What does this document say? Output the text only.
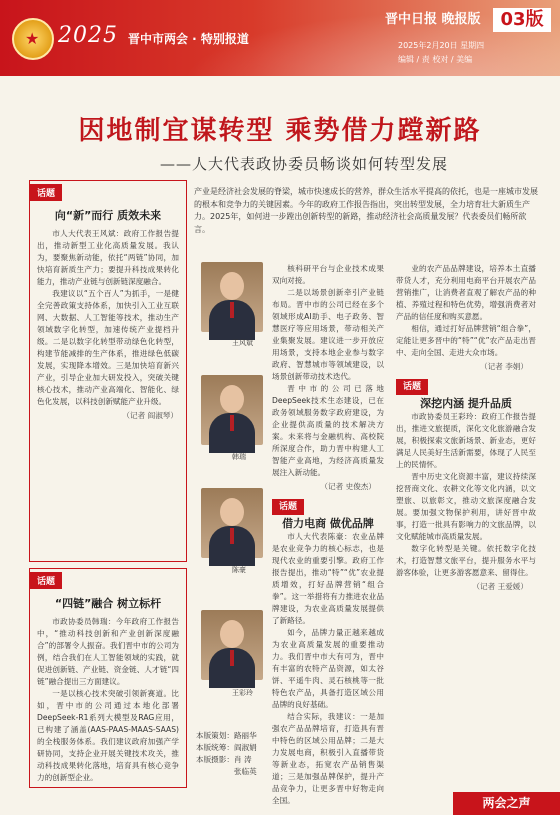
★ 2025 晋中市两会 · 特别报道
晋中日报 晚报版	03版
2025年2月20日 星期四
编辑 / 责 校对 / 美编
因地制宜谋转型 乘势借力蹚新路
——人大代表政协委员畅谈如何转型发展
产业是经济社会发展的脊梁，城市快速成长的营养，群众生活水平提高的依托，也是一座城市发展的根本和竞争力的关键因素。今年的政府工作报告指出，突出转型发展，全力培育壮大新质生产力。2025年，如何进一步蹚出创新转型的新路，推动经济社会高质量发展？代表委员们畅所欲言。
话题
向“新”而行 质效未来

市人大代表王风斌：政府工作报告提出，推动新型工业化高质量发展。我认为，要聚焦新动能，依托“两链”协同，加快培育新质生产力；要提升科技成果转化能力，推动产业链与创新链深度融合。

我建议以“五个百人”为抓手，一是健全完善政策支持体系，加快引入工业互联网、大数据、人工智能等技术，推动生产领域数字化转型，加速传统产业提档升级。二是以数字化转型带动绿色化转型，构建节能减排的生产体系，推进绿色低碳发展，实现降本增效。三是加快培育新兴产业，引导企业加大研发投入，突破关键核心技术，推动产业高端化、智能化、绿色化发展，以科技创新赋能产业升级。

（记者 阎淑琴）
话题
“四链”融合 树立标杆

市政协委员韩瑞：今年政府工作报告中，“推动科技创新和产业创新深度融合”的部署令人振奋。我们晋中市的公司为例，结合我们在人工智能领域的实践，就促进创新链、产业链、资金链、人才链“四链”融合提出三方面建议。

一是以核心技术突破引领新赛道。比如，晋中市的公司通过本地化部署DeepSeek-R1系列大模型及RAG应用，已构建了涵盖(AAS-PAAS-MAAS-SAAS)的全栈服务体系。我们建议政府加强产学研协同，支持企业开展关键技术攻关，推动科技成果转化落地，培育具有核心竞争力的创新型企业。

王风斌
韩瑞
陈豪
王彩玲
本版策划：路丽华
本版统筹：阎淑娟
本版摄影：肖 涛
　　　　　张临英

核科研平台与企业技术成果双向对接。

二是以场景创新牵引产业链布局。晋中市的公司已经在多个领域形成AI助手、电子政务、智慧医疗等应用场景，带动相关产业集聚发展。建议进一步开放应用场景，支持本地企业参与数字政府、智慧城市等领域建设，以场景创新带动技术迭代。

晋中市的公司已落地DeepSeek技术生态建设，已在政务领域服务数字政府建设，为企业提供高质量的技术解决方案。未来将与金融机构、高校院所深度合作，助力晋中构建人工智能产业高地，为经济高质量发展注入新动能。

（记者 史俊杰）
话题

借力电商 做优品牌

市人大代表陈豪：农业品牌是农业竞争力的核心标志，也是现代农业的重要引擎。政府工作报告提出，推动“特”“优”农业提质增效，打好品牌营销“组合拳”。这一举措将有力推进农业品牌建设，为农业高质量发展提供了新路径。

如今，品牌力量正越来越成为农业高质量发展的重要推动力。我们晋中市大有可为，晋中有丰富的农特产品资源，如太谷饼、平遥牛肉、灵石核桃等一批特色农产品，具备打造区域公用品牌的良好基础。

结合实际，我建议：一是加强农产品品牌培育，打造具有晋中特色的区域公用品牌；二是大力发展电商，积极引入直播带货等新业态，拓宽农产品销售渠道；三是加强品牌保护，提升产品竞争力，让更多晋中好物走向全国。

业的农产品品牌建设，培养本土直播带货人才，充分利用电商平台开展农产品营销推广，让消费者直观了解农产品的种植、养殖过程和特色优势，增强消费者对产品的信任度和购买意愿。

相信，通过打好品牌营销“组合拳”，定能让更多晋中的“特”“优”农产品走出晋中、走向全国、走进大众市场。

（记者 李娟）
话题

深挖内涵 提升品质

市政协委员王彩玲：政府工作报告提出，推进文旅提质，深化文化旅游融合发展，积极探索文旅新场景、新业态，更好满足人民美好生活新需要，体现了人民至上的民情怀。

晋中历史文化资源丰富，建议持续深挖晋商文化、农耕文化等文化内涵，以文塑旅、以旅彰文，推动文旅深度融合发展。要加强文物保护利用，讲好晋中故事，打造一批具有影响力的文旅品牌，以文化赋能城市高质量发展。

数字化转型是关键。依托数字化技术，打造智慧文旅平台，提升服务水平与游客体验，让更多游客愿意来、留得住。

（记者 王爱媛）
两会之声
